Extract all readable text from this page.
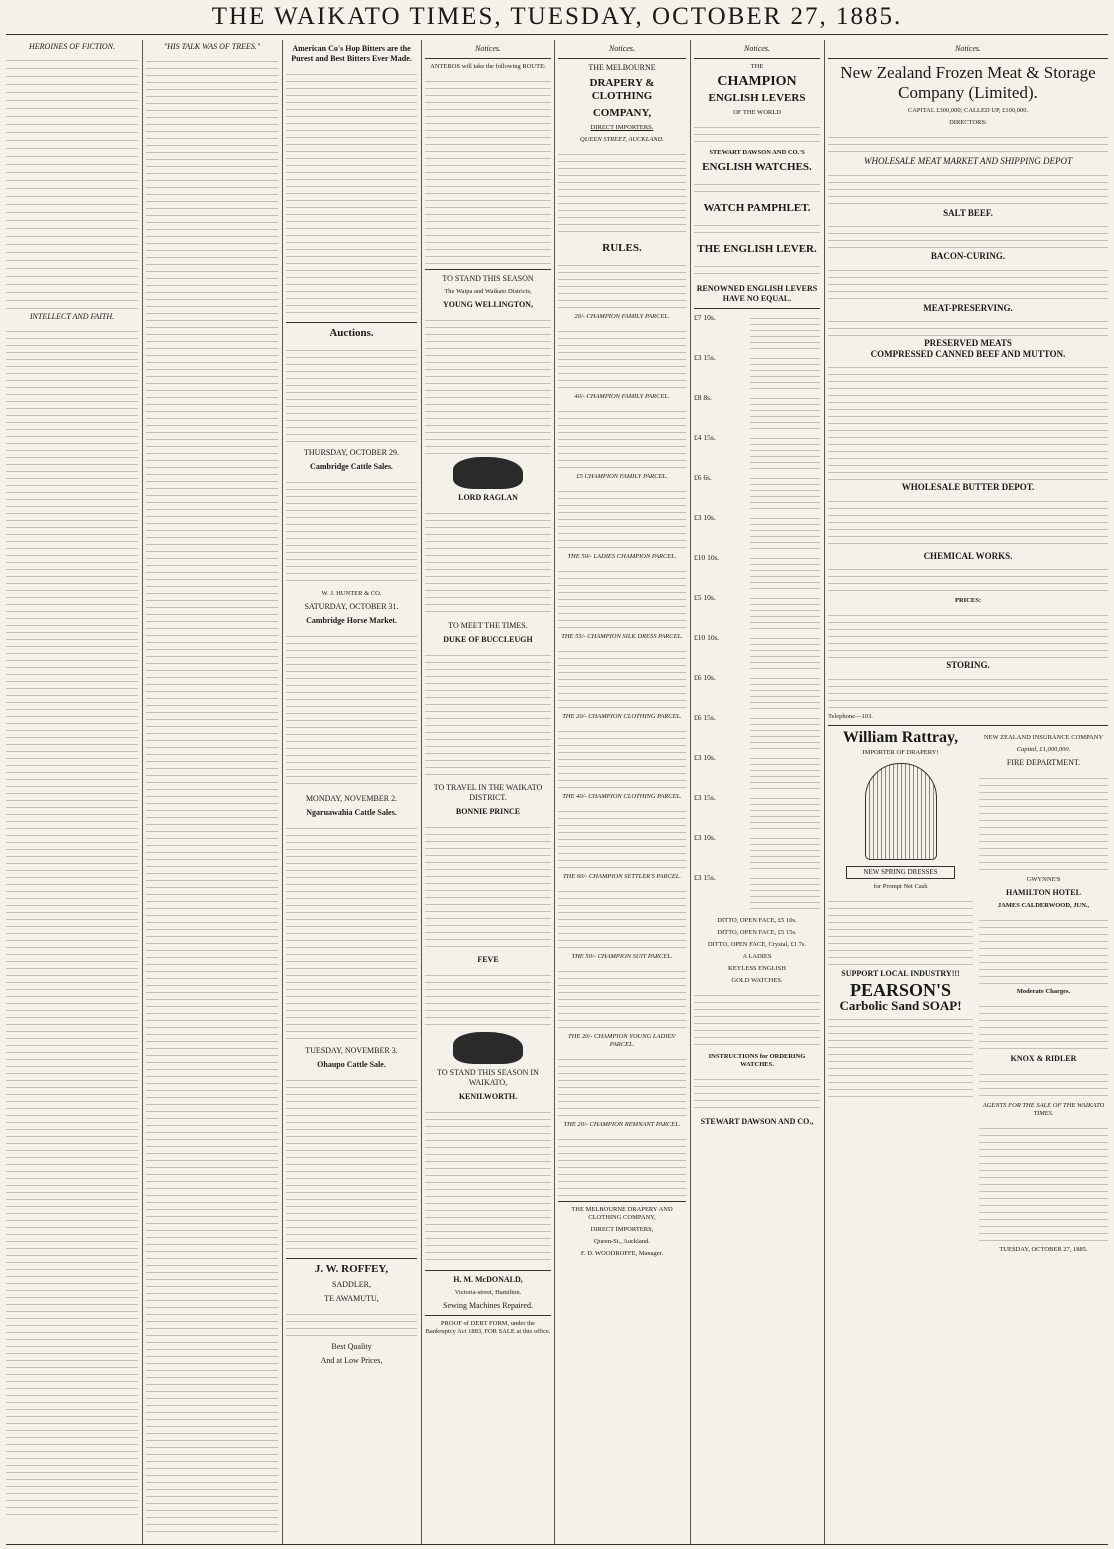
THE WAIKATO TIMES, TUESDAY, OCTOBER 27, 1885.
HEROINES OF FICTION.
INTELLECT AND FAITH.
"HIS TALK WAS OF TREES."	American Co's Hop Bitters are the Purest and Best Bitters Ever Made.
Auctions.
THURSDAY, OCTOBER 29.
Cambridge Cattle Sales.
W. J. HUNTER & CO.
SATURDAY, OCTOBER 31.
Cambridge Horse Market.
MONDAY, NOVEMBER 2.
Ngaruawahia Cattle Sales.
TUESDAY, NOVEMBER 3.
Ohaupo Cattle Sale.
J. W. ROFFEY,
SADDLER,
TE AWAMUTU,
Best Quality
And at Low Prices,
Notices.
ANTEROS will take the following ROUTE:
TO STAND THIS SEASON
The Waipa and Waikato Districts,
YOUNG WELLINGTON,
LORD RAGLAN
TO MEET THE TIMES.
DUKE OF BUCCLEUGH
TO TRAVEL IN THE WAIKATO DISTRICT.
BONNIE PRINCE
FEVE
TO STAND THIS SEASON IN WAIKATO,
KENILWORTH.
H. M. McDONALD,
Victoria-street, Hamilton.
Sewing Machines Repaired.
PROOF of DEBT FORM, under the Bankruptcy Act 1883, FOR SALE at this office.
Notices.
THE MELBOURNE
DRAPERY & CLOTHING
COMPANY,
DIRECT IMPORTERS.
QUEEN STREET, AUCKLAND.
RULES.
20/- CHAMPION FAMILY PARCEL.
40/- CHAMPION FAMILY PARCEL.
£5 CHAMPION FAMILY PARCEL.
THE 50/- LADIES CHAMPION PARCEL.
THE 55/- CHAMPION SILK DRESS PARCEL.
THE 20/- CHAMPION CLOTHING PARCEL.
THE 40/- CHAMPION CLOTHING PARCEL.
THE 60/- CHAMPION SETTLER'S PARCEL.
THE 50/- CHAMPION SUIT PARCEL.
THE 20/- CHAMPION YOUNG LADIES' PARCEL.
THE 20/- CHAMPION REMNANT PARCEL.
THE MELBOURNE DRAPERY AND CLOTHING COMPANY,
DIRECT IMPORTERS,
Queen-St., Auckland.
F. D. WOODROFFE, Manager.
Notices.
THE
CHAMPION
ENGLISH LEVERS
OF THE WORLD
STEWART DAWSON AND CO.'S
ENGLISH WATCHES.
WATCH PAMPHLET.
THE ENGLISH LEVER.
RENOWNED ENGLISH LEVERS HAVE NO EQUAL.
£7 10s.
£3 15s.
£8 8s.
£4 15s.
£6 6s.
£3 10s.
£10 10s.
£5 10s.
£10 10s.
£6 10s.
£6 15s.
£3 10s.
£3 15s.
£3 10s.
£3 15s.
DITTO, OPEN FACE, £5 10s.
DITTO, OPEN FACE, £5 15s.
DITTO, OPEN FACE, Crystal, £1 7s.
A LADIES
KEYLESS ENGLISH
GOLD WATCHES.
INSTRUCTIONS for ORDERING WATCHES.
STEWART DAWSON AND CO.,
Notices.
New Zealand Frozen Meat & Storage
Company (Limited).
CAPITAL £300,000; CALLED UP, £100,000.
DIRECTORS:
WHOLESALE MEAT MARKET AND SHIPPING DEPOT
SALT BEEF.
BACON-CURING.
MEAT-PRESERVING.
PRESERVED MEATS
COMPRESSED CANNED BEEF AND MUTTON.
WHOLESALE BUTTER DEPOT.
CHEMICAL WORKS.
PRICES:
STORING.
Telephone—103.
William Rattray,
IMPORTER OF DRAPERY!
NEW SPRING DRESSES
for Prompt Net Cash
SUPPORT LOCAL INDUSTRY!!!
PEARSON'S
Carbolic Sand SOAP!
NEW ZEALAND INSURANCE COMPANY
Capital, £1,000,000.
FIRE DEPARTMENT.
GWYNNE'S
HAMILTON HOTEL
JAMES CALDERWOOD, JUN.,
Moderate Charges.
KNOX & RIDLER
AGENTS FOR THE SALE OF THE WAIKATO TIMES.
TUESDAY, OCTOBER 27, 1885.
